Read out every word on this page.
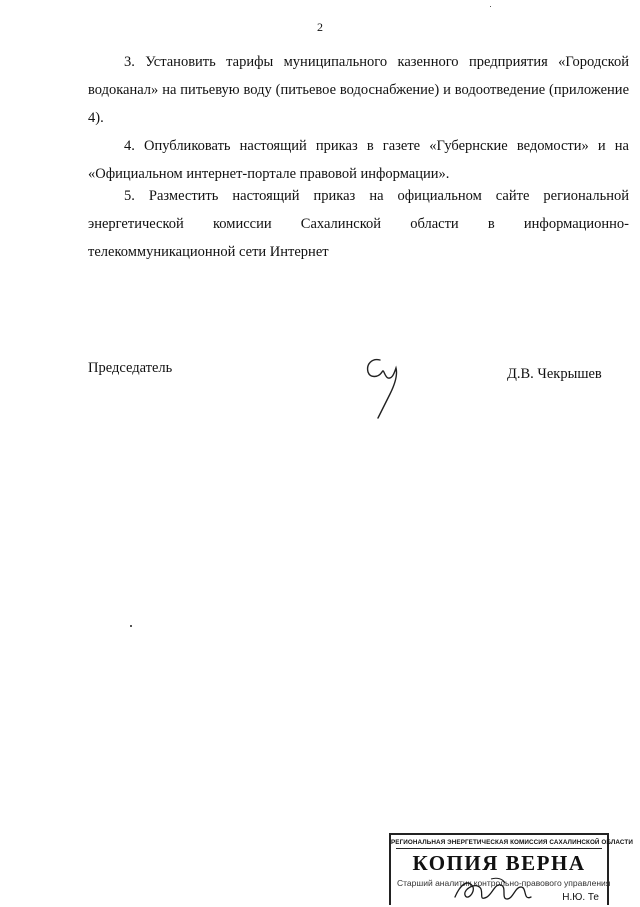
2

3. Установить тарифы муниципального казенного предприятия «Городской водоканал» на питьевую воду (питьевое водоснабжение) и водоотведение (приложение 4).

4. Опубликовать настоящий приказ в газете «Губернские ведомости» и на «Официальном интернет-портале правовой информации».

5. Разместить настоящий приказ на официальном сайте региональной энергетической комиссии Сахалинской области в информационно-телекоммуникационной сети Интернет

Председатель	Д.В. Чекрышев
РЕГИОНАЛЬНАЯ ЭНЕРГЕТИЧЕСКАЯ КОМИССИЯ САХАЛИНСКОЙ ОБЛАСТИ
КОПИЯ ВЕРНА
Старший аналитик контрольно-правового управления
Н.Ю. Те
